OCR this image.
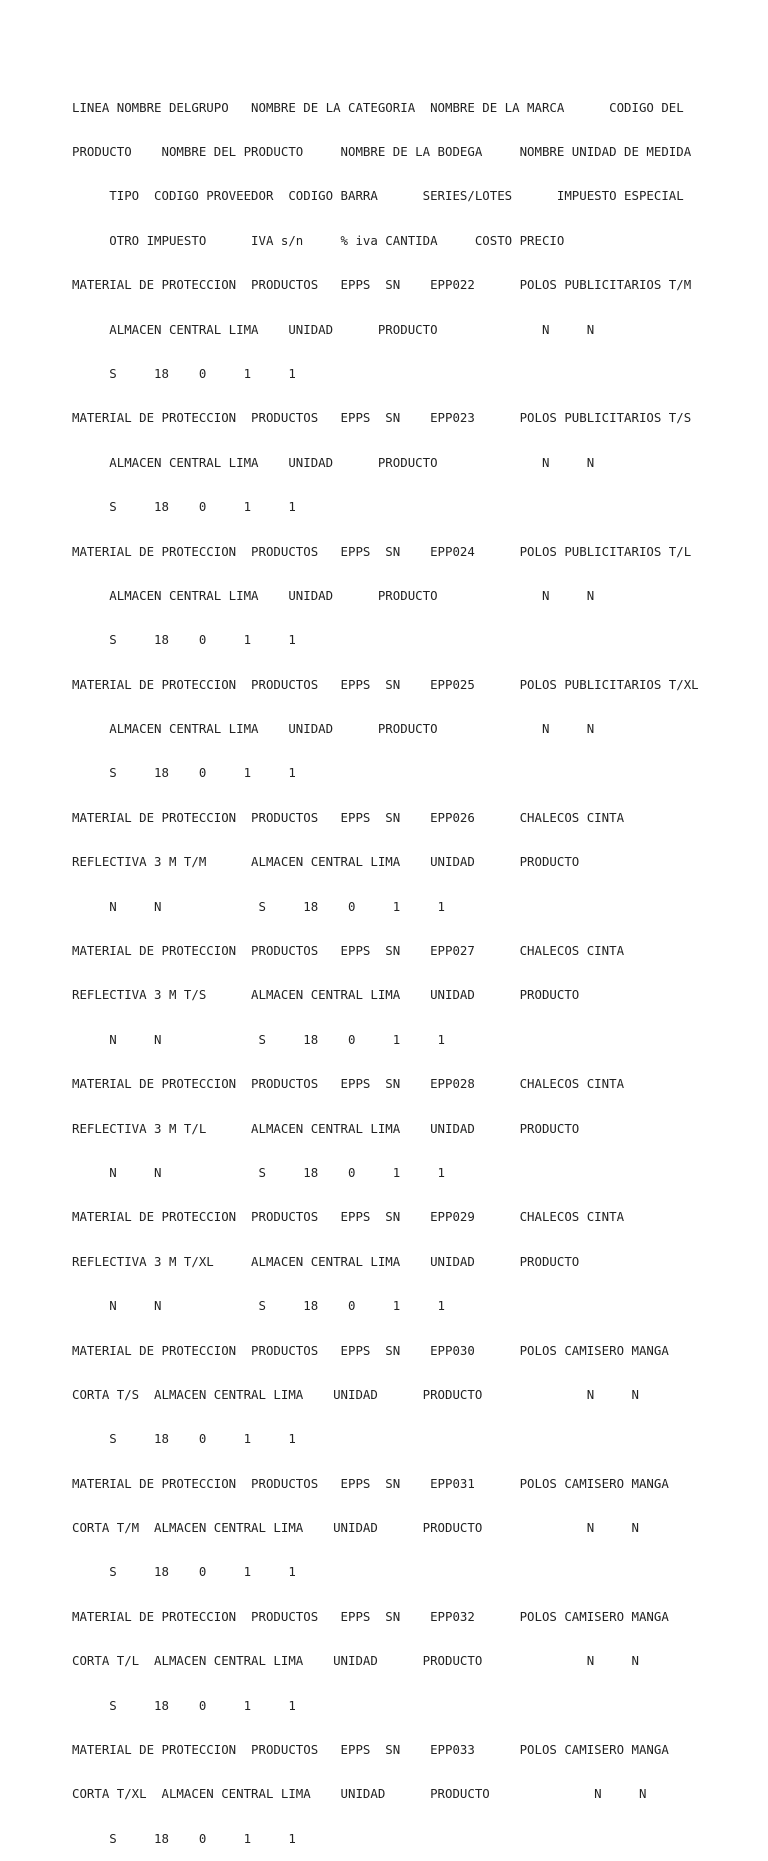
LINEA NOMBRE DELGRUPO   NOMBRE DE LA CATEGORIA  NOMBRE DE LA MARCA      CODIGO DEL

PRODUCTO    NOMBRE DEL PRODUCTO     NOMBRE DE LA BODEGA     NOMBRE UNIDAD DE MEDIDA

TIPO  CODIGO PROVEEDOR  CODIGO BARRA      SERIES/LOTES      IMPUESTO ESPECIAL

OTRO IMPUESTO      IVA s/n     % iva CANTIDA     COSTO PRECIO

MATERIAL DE PROTECCION  PRODUCTOS   EPPS  SN    EPP022      POLOS PUBLICITARIOS T/M

ALMACEN CENTRAL LIMA    UNIDAD      PRODUCTO              N     N

S     18    0     1     1

MATERIAL DE PROTECCION  PRODUCTOS   EPPS  SN    EPP023      POLOS PUBLICITARIOS T/S

ALMACEN CENTRAL LIMA    UNIDAD      PRODUCTO              N     N

S     18    0     1     1

MATERIAL DE PROTECCION  PRODUCTOS   EPPS  SN    EPP024      POLOS PUBLICITARIOS T/L

ALMACEN CENTRAL LIMA    UNIDAD      PRODUCTO              N     N

S     18    0     1     1

MATERIAL DE PROTECCION  PRODUCTOS   EPPS  SN    EPP025      POLOS PUBLICITARIOS T/XL

ALMACEN CENTRAL LIMA    UNIDAD      PRODUCTO              N     N

S     18    0     1     1

MATERIAL DE PROTECCION  PRODUCTOS   EPPS  SN    EPP026      CHALECOS CINTA

REFLECTIVA 3 M T/M      ALMACEN CENTRAL LIMA    UNIDAD      PRODUCTO

N     N             S     18    0     1     1

MATERIAL DE PROTECCION  PRODUCTOS   EPPS  SN    EPP027      CHALECOS CINTA

REFLECTIVA 3 M T/S      ALMACEN CENTRAL LIMA    UNIDAD      PRODUCTO

N     N             S     18    0     1     1

MATERIAL DE PROTECCION  PRODUCTOS   EPPS  SN    EPP028      CHALECOS CINTA

REFLECTIVA 3 M T/L      ALMACEN CENTRAL LIMA    UNIDAD      PRODUCTO

N     N             S     18    0     1     1

MATERIAL DE PROTECCION  PRODUCTOS   EPPS  SN    EPP029      CHALECOS CINTA

REFLECTIVA 3 M T/XL     ALMACEN CENTRAL LIMA    UNIDAD      PRODUCTO

N     N             S     18    0     1     1

MATERIAL DE PROTECCION  PRODUCTOS   EPPS  SN    EPP030      POLOS CAMISERO MANGA

CORTA T/S  ALMACEN CENTRAL LIMA    UNIDAD      PRODUCTO              N     N

S     18    0     1     1

MATERIAL DE PROTECCION  PRODUCTOS   EPPS  SN    EPP031      POLOS CAMISERO MANGA

CORTA T/M  ALMACEN CENTRAL LIMA    UNIDAD      PRODUCTO              N     N

S     18    0     1     1

MATERIAL DE PROTECCION  PRODUCTOS   EPPS  SN    EPP032      POLOS CAMISERO MANGA

CORTA T/L  ALMACEN CENTRAL LIMA    UNIDAD      PRODUCTO              N     N

S     18    0     1     1

MATERIAL DE PROTECCION  PRODUCTOS   EPPS  SN    EPP033      POLOS CAMISERO MANGA

CORTA T/XL  ALMACEN CENTRAL LIMA    UNIDAD      PRODUCTO              N     N

S     18    0     1     1
